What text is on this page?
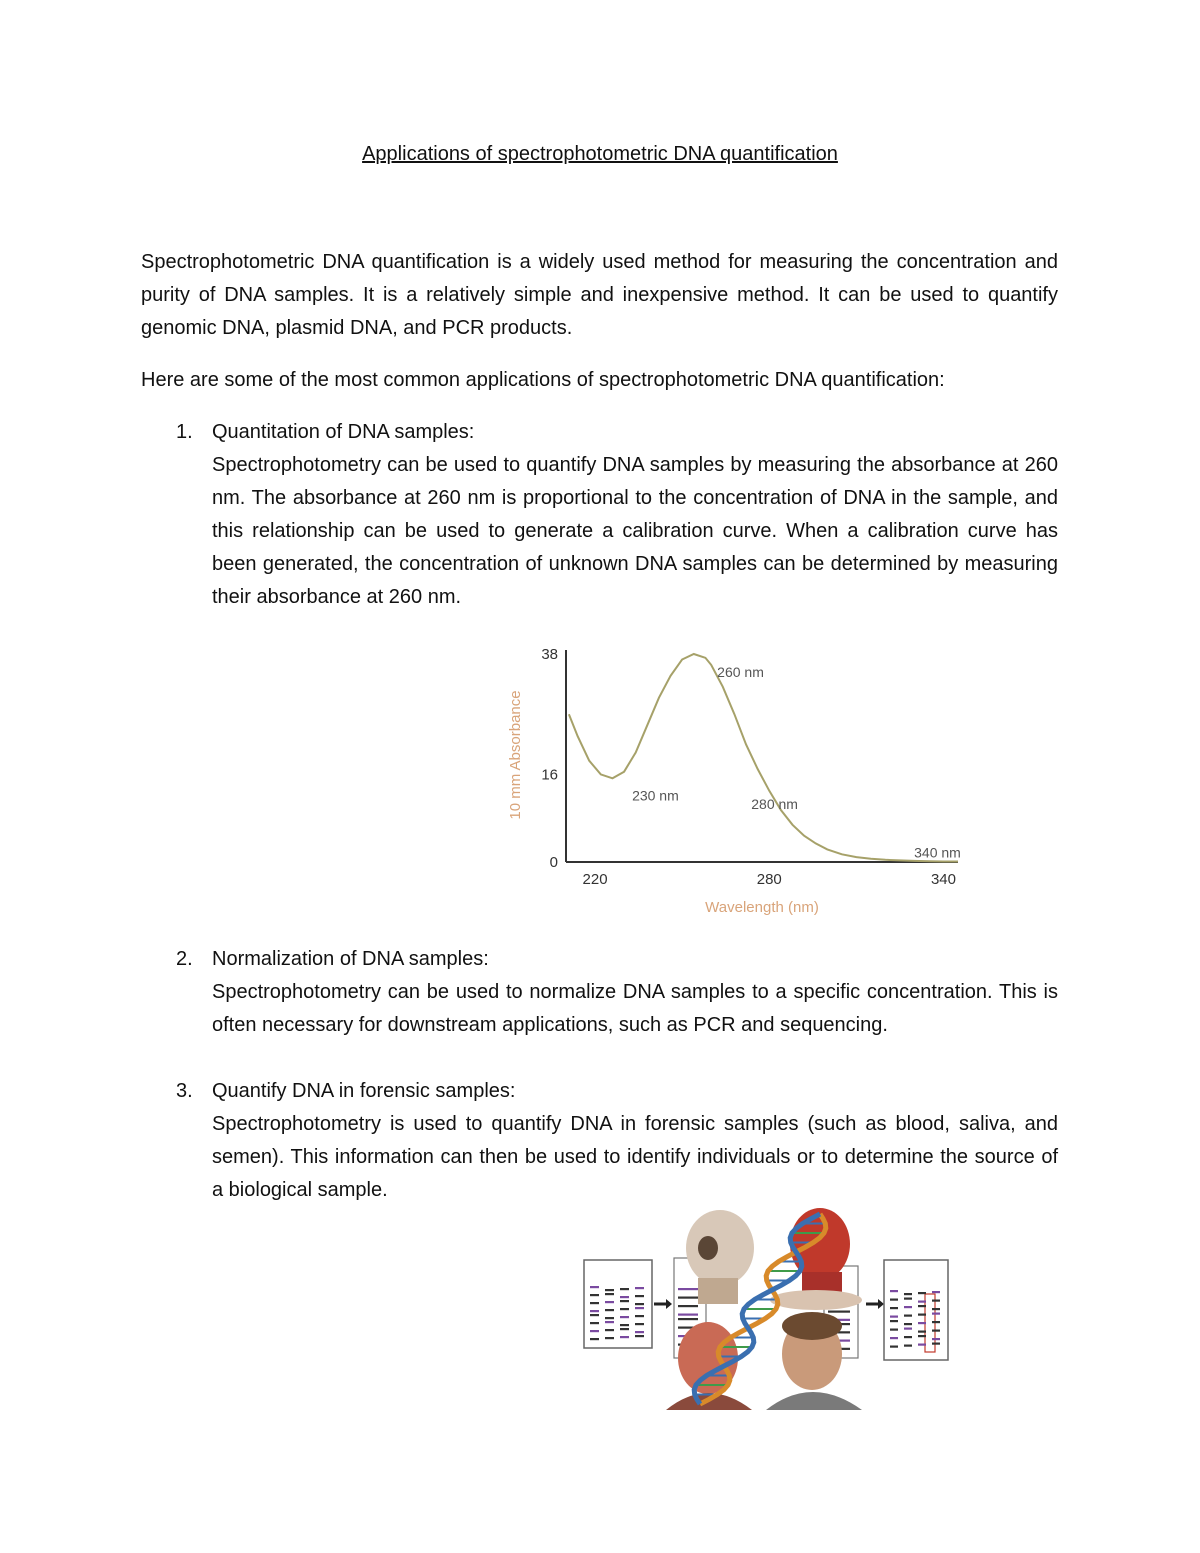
Applications of spectrophotometric DNA quantification

Spectrophotometric DNA quantification is a widely used method for measuring the concentration and purity of DNA samples. It is a relatively simple and inexpensive method. It can be used to quantify genomic DNA, plasmid DNA, and PCR products.

Here are some of the most common applications of spectrophotometric DNA quantification:

1. Quantitation of DNA samples:

Spectrophotometry can be used to quantify DNA samples by measuring the absorbance at 260 nm. The absorbance at 260 nm is proportional to the concentration of DNA in the sample, and this relationship can be used to generate a calibration curve. When a calibration curve has been generated, the concentration of unknown DNA samples can be determined by measuring their absorbance at 260 nm.

220	280	340
0
16
38
230 nm
260 nm
280 nm
340 nm
Wavelength (nm)
10 mm Absorbance
2. Normalization of DNA samples:

Spectrophotometry can be used to normalize DNA samples to a specific concentration. This is often necessary for downstream applications, such as PCR and sequencing.

3. Quantify DNA in forensic samples:

Spectrophotometry is used to quantify DNA in forensic samples (such as blood, saliva, and semen). This information can then be used to identify individuals or to determine the source of a biological sample.
